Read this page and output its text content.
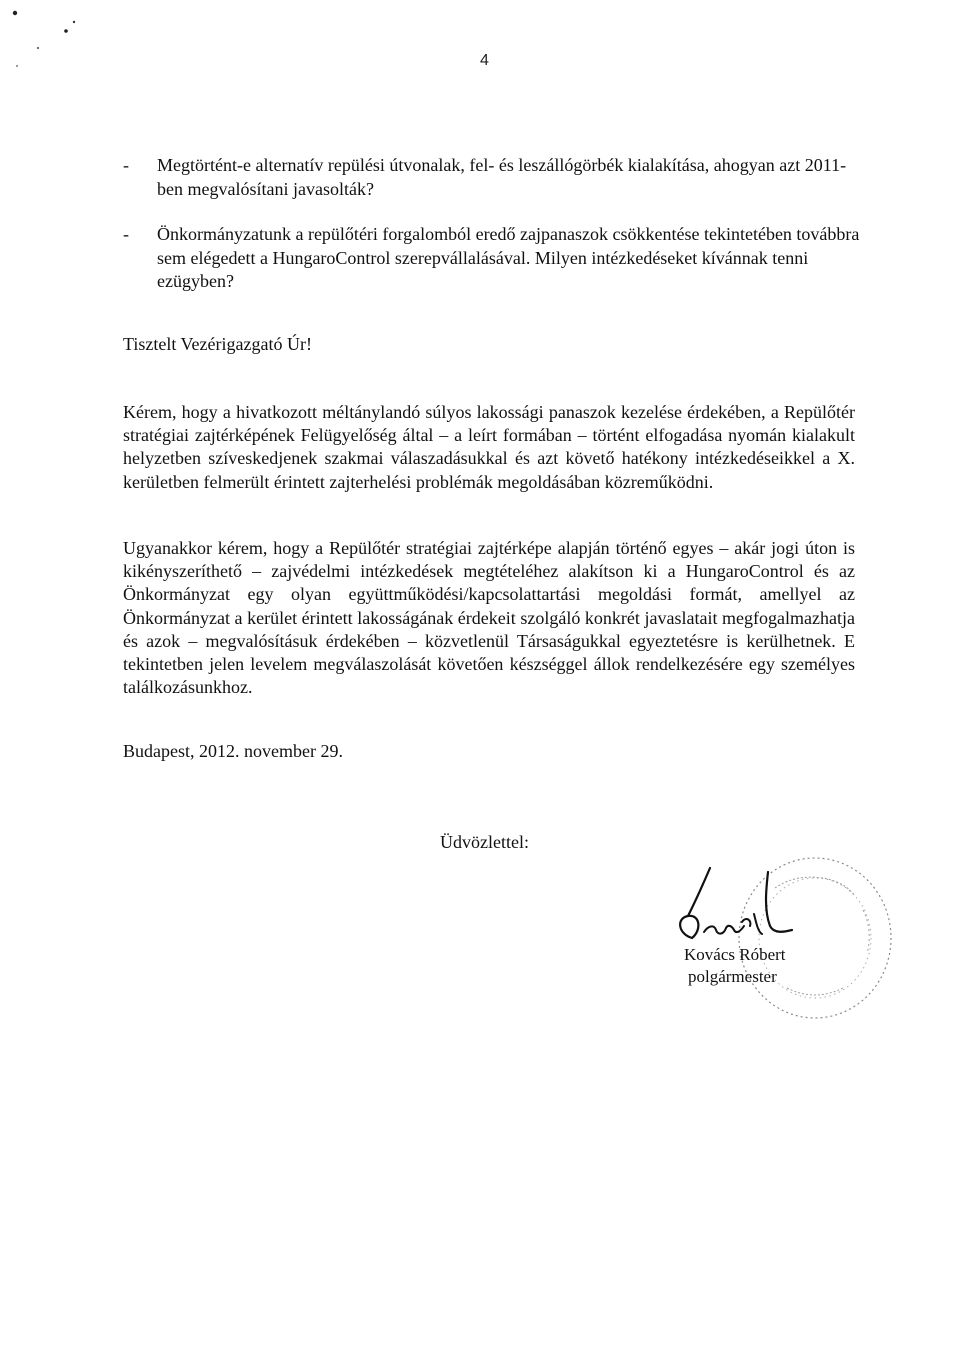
4
- Megtörtént-e alternatív repülési útvonalak, fel- és leszállógörbék kialakítása, ahogyan azt 2011-ben megvalósítani javasolták?
- Önkormányzatunk a repülőtéri forgalomból eredő zajpanaszok csökkentése tekintetében továbbra sem elégedett a HungaroControl szerepvállalásával. Milyen intézkedéseket kívánnak tenni ezügyben?
Tisztelt Vezérigazgató Úr!
Kérem, hogy a hivatkozott méltánylandó súlyos lakossági panaszok kezelése érdekében, a Repülőtér stratégiai zajtérképének Felügyelőség által – a leírt formában – történt elfogadása nyomán kialakult helyzetben szíveskedjenek szakmai válaszadásukkal és azt követő hatékony intézkedéseikkel a X. kerületben felmerült érintett zajterhelési problémák megoldásában közreműködni.
Ugyanakkor kérem, hogy a Repülőtér stratégiai zajtérképe alapján történő egyes – akár jogi úton is kikényszeríthető – zajvédelmi intézkedések megtételéhez alakítson ki a HungaroControl és az Önkormányzat egy olyan együttműködési/kapcsolattartási megoldási formát, amellyel az Önkormányzat a kerület érintett lakosságának érdekeit szolgáló konkrét javaslatait megfogalmazhatja és azok – megvalósításuk érdekében – közvetlenül Társaságukkal egyeztetésre is kerülhetnek. E tekintetben jelen levelem megválaszolását követően készséggel állok rendelkezésére egy személyes találkozásunkhoz.
Budapest, 2012. november 29.
Üdvözlettel:
Kovács Róbert
polgármester
